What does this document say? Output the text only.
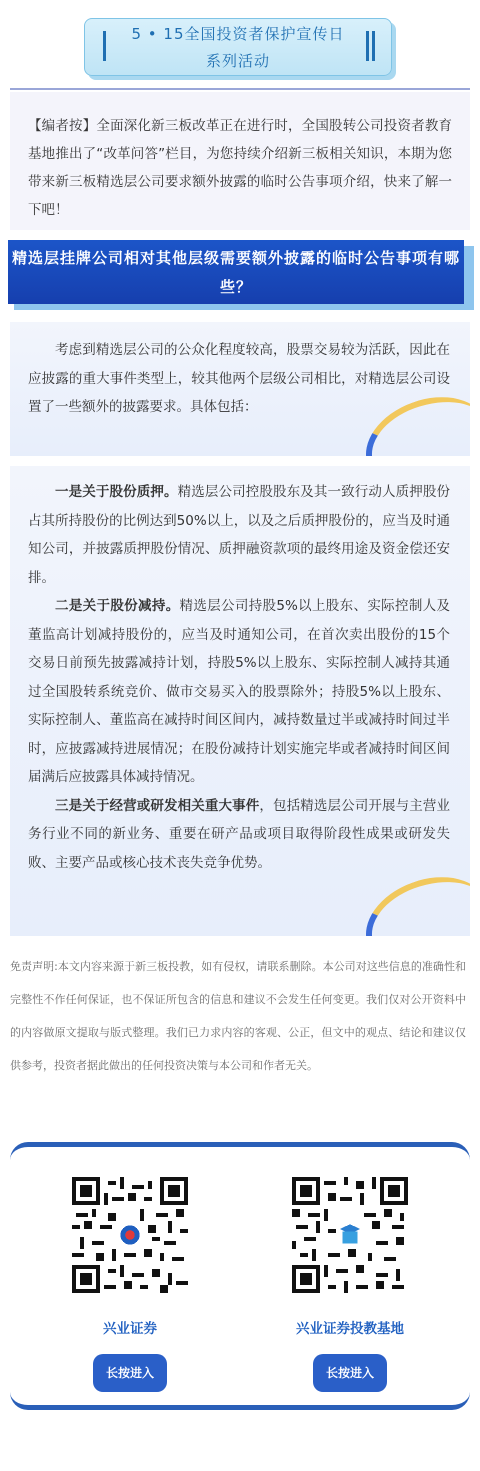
5 • 15全国投资者保护宣传日
系列活动
【编者按】全面深化新三板改革正在进行时，全国股转公司投资者教育基地推出了“改革问答”栏目，为您持续介绍新三板相关知识，本期为您带来新三板精选层公司要求额外披露的临时公告事项介绍，快来了解一下吧！
精选层挂牌公司相对其他层级需要额外披露的临时公告事项有哪些？

考虑到精选层公司的公众化程度较高，股票交易较为活跃，因此在应披露的重大事件类型上，较其他两个层级公司相比，对精选层公司设置了一些额外的披露要求。具体包括：

一是关于股份质押。精选层公司控股股东及其一致行动人质押股份占其所持股份的比例达到50%以上，以及之后质押股份的，应当及时通知公司，并披露质押股份情况、质押融资款项的最终用途及资金偿还安排。

二是关于股份减持。精选层公司持股5%以上股东、实际控制人及董监高计划减持股份的，应当及时通知公司，在首次卖出股份的15个交易日前预先披露减持计划，持股5%以上股东、实际控制人减持其通过全国股转系统竞价、做市交易买入的股票除外；持股5%以上股东、实际控制人、董监高在减持时间区间内，减持数量过半或减持时间过半时，应披露减持进展情况；在股份减持计划实施完毕或者减持时间区间届满后应披露具体减持情况。

三是关于经营或研发相关重大事件，包括精选层公司开展与主营业务行业不同的新业务、重要在研产品或项目取得阶段性成果或研发失败、主要产品或核心技术丧失竞争优势。

免责声明:本文内容来源于新三板投教，如有侵权，请联系删除。本公司对这些信息的准确性和完整性不作任何保证，也不保证所包含的信息和建议不会发生任何变更。我们仅对公开资料中的内容做原文提取与版式整理。我们已力求内容的客观、公正，但文中的观点、结论和建议仅供参考，投资者据此做出的任何投资决策与本公司和作者无关。
兴业证券	兴业证券投教基地
长按进入	长按进入
